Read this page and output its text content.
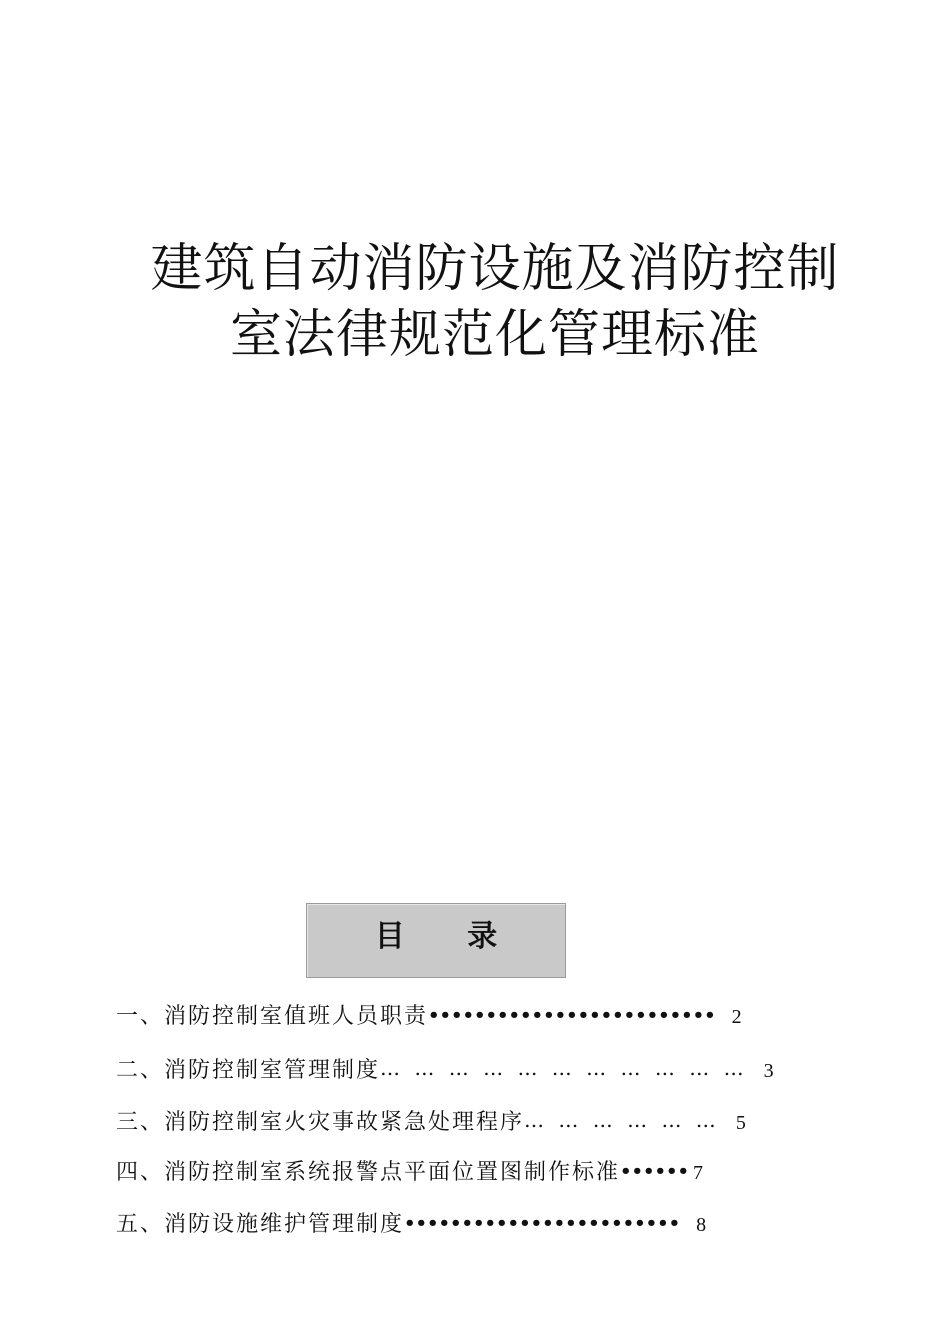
建筑自动消防设施及消防控制
室法律规范化管理标准
目 录
一、消防控制室值班人员职责••••••••••••••••••••••••• 2
二、消防控制室管理制度… … … … … … … … … … … 3
三、消防控制室火灾事故紧急处理程序… … … … … … 5
四、消防控制室系统报警点平面位置图制作标准•••••• 7
五、消防设施维护管理制度•••••••••••••••••••••••• 8
